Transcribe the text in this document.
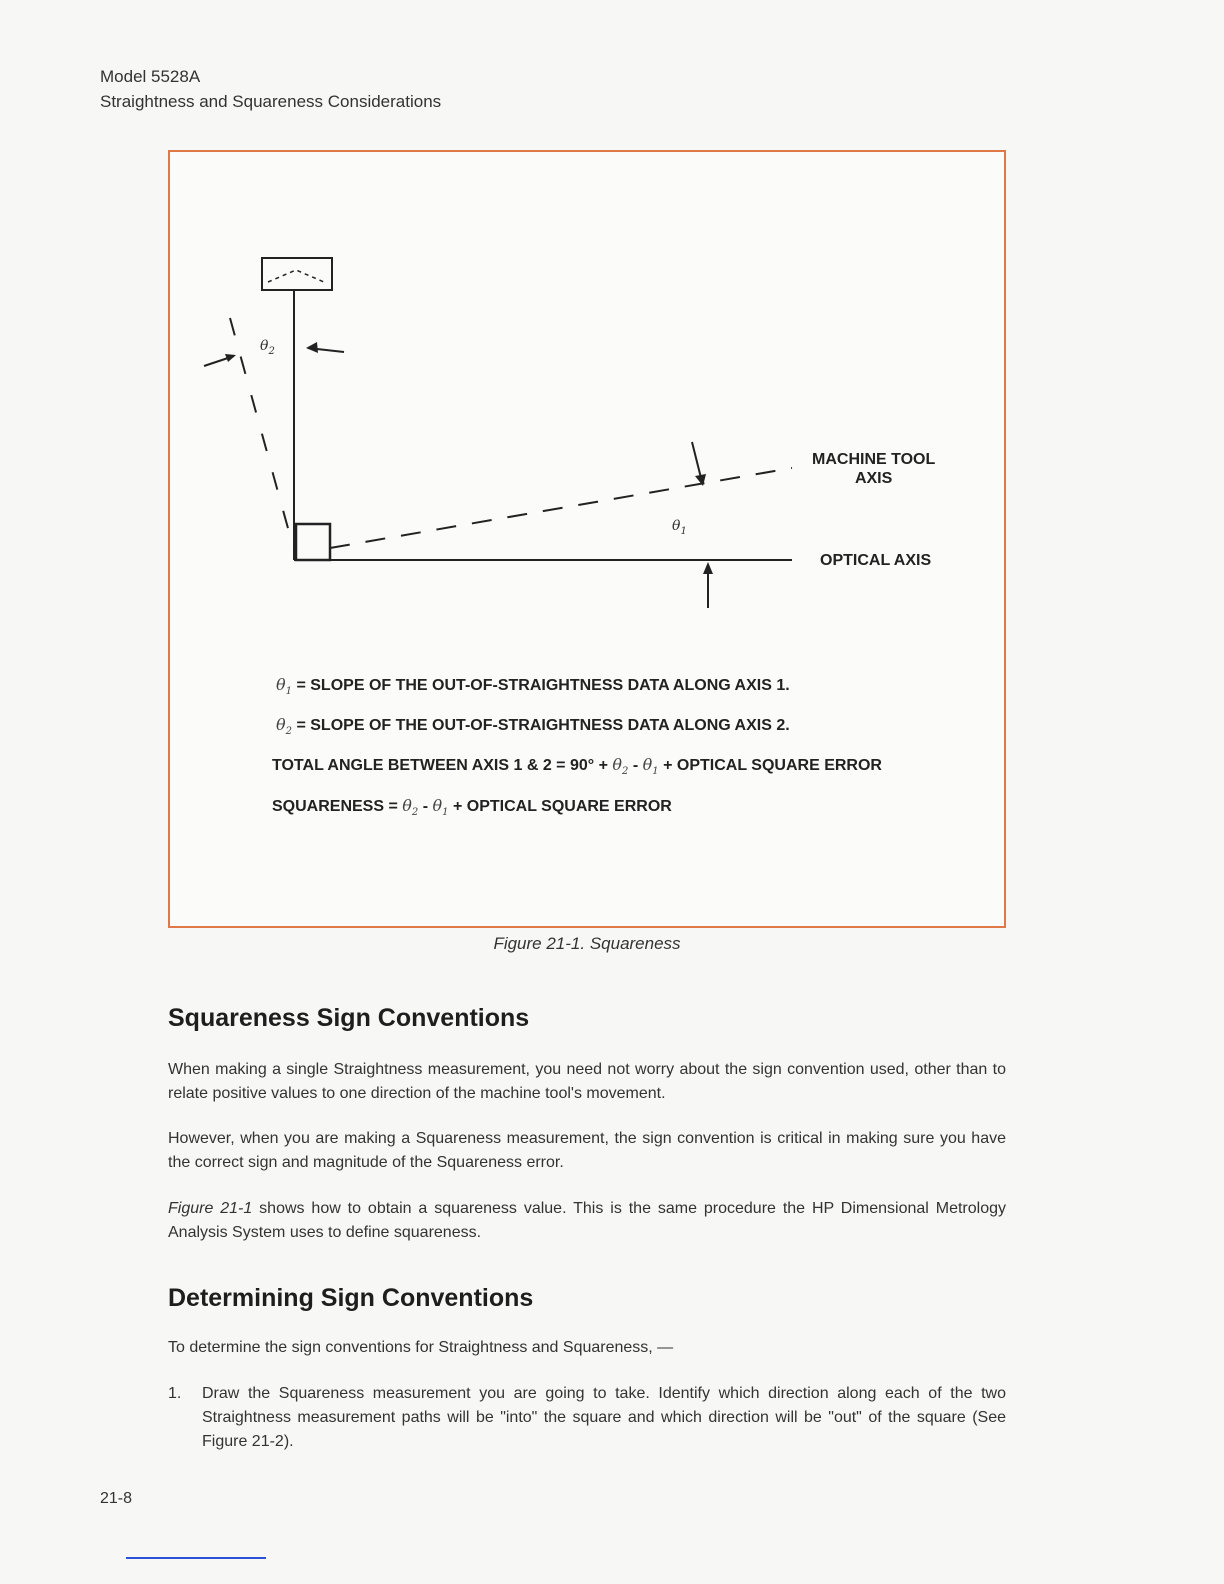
Model 5528A
Straightness and Squareness Considerations
$\theta_2$
$\theta_1$
MACHINE TOOL
AXIS
OPTICAL AXIS
$\theta_1$ = SLOPE OF THE OUT-OF-STRAIGHTNESS DATA ALONG AXIS 1.
$\theta_2$ = SLOPE OF THE OUT-OF-STRAIGHTNESS DATA ALONG AXIS 2.
TOTAL ANGLE BETWEEN AXIS 1 & $2 = 90^\circ + \theta_2 - \theta_1$ + OPTICAL SQUARE ERROR
SQUARENESS = $\theta_2 - \theta_1$ + OPTICAL SQUARE ERROR
Figure 21-1. Squareness
Squareness Sign Conventions

When making a single Straightness measurement, you need not worry about the sign convention used, other than to relate positive values to one direction of the machine tool's movement.

However, when you are making a Squareness measurement, the sign convention is critical in making sure you have the correct sign and magnitude of the Squareness error.

Figure 21-1 shows how to obtain a squareness value. This is the same procedure the HP Dimensional Metrology Analysis System uses to define squareness.

Determining Sign Conventions

To determine the sign conventions for Straightness and Squareness, —

1. Draw the Squareness measurement you are going to take. Identify which direction along each of the two Straightness measurement paths will be "into" the square and which direction will be "out" of the square (See Figure 21-2).
21-8
